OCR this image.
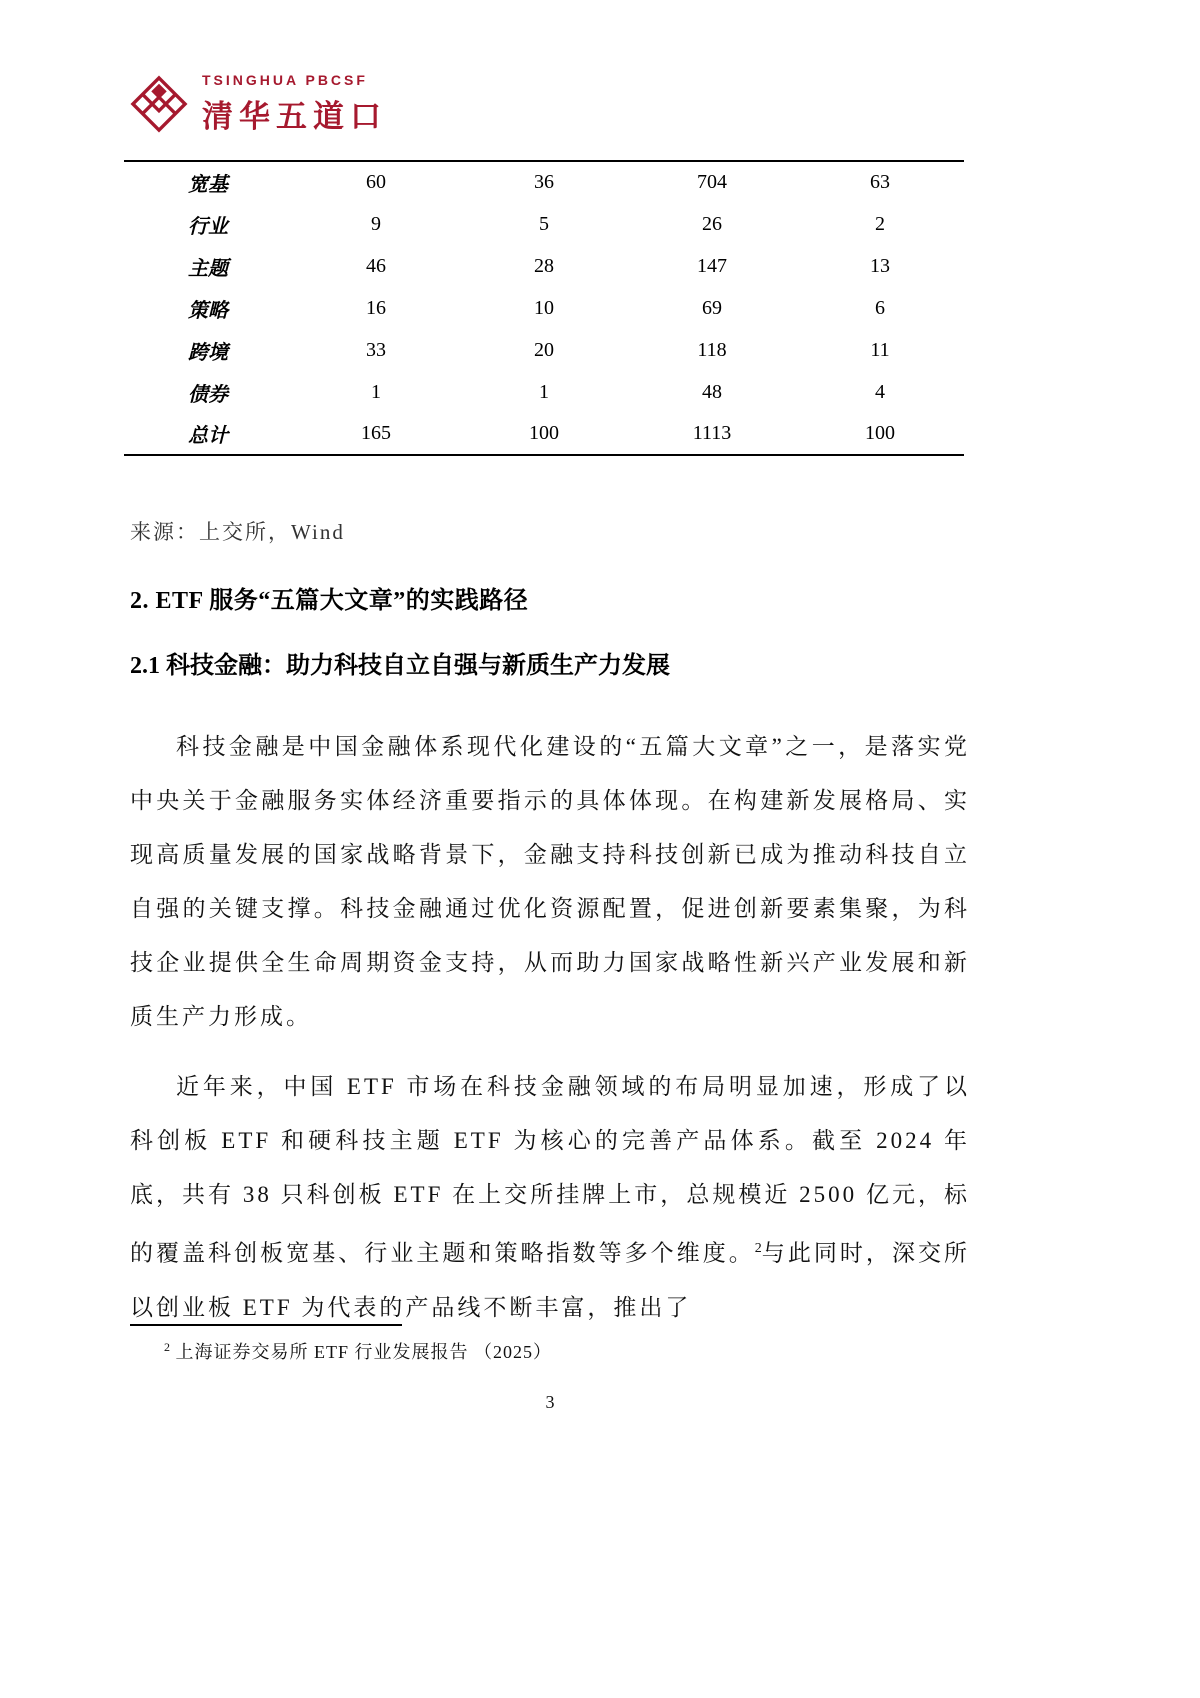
TSINGHUA PBCSF
清华五道口
宽基	60	36	704	63
行业	9	5	26	2
主题	46	28	147	13
策略	16	10	69	6
跨境	33	20	118	11
债券	1	1	48	4
总计	165	100	1113	100

来源：上交所，Wind

2. ETF 服务“五篇大文章”的实践路径
2.1 科技金融：助力科技自立自强与新质生产力发展

科技金融是中国金融体系现代化建设的“五篇大文章”之一，是落实党中央关于金融服务实体经济重要指示的具体体现。在构建新发展格局、实现高质量发展的国家战略背景下，金融支持科技创新已成为推动科技自立自强的关键支撑。科技金融通过优化资源配置，促进创新要素集聚，为科技企业提供全生命周期资金支持，从而助力国家战略性新兴产业发展和新质生产力形成。

近年来，中国 ETF 市场在科技金融领域的布局明显加速，形成了以科创板 ETF 和硬科技主题 ETF 为核心的完善产品体系。截至 2024 年底，共有 38 只科创板 ETF 在上交所挂牌上市，总规模近 2500 亿元，标的覆盖科创板宽基、行业主题和策略指数等多个维度。$^2$与此同时，深交所以创业板 ETF 为代表的产品线不断丰富，推出了

$^2$ 上海证券交易所 ETF 行业发展报告 （2025）

3
